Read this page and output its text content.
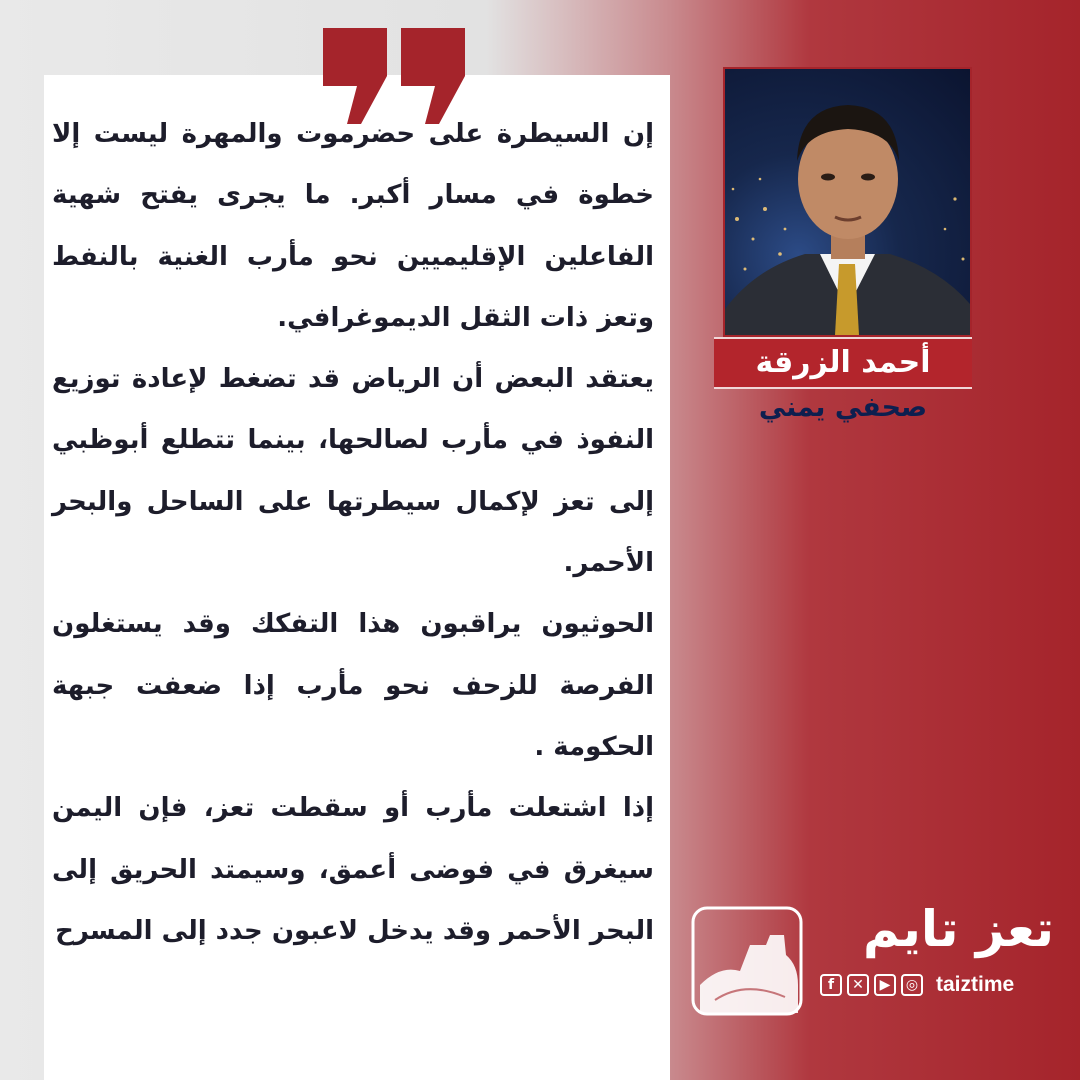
إن السيطرة على حضرموت والمهرة ليست إلا خطوة في مسار أكبر. ما يجرى يفتح شهية الفاعلين الإقليميين نحو مأرب الغنية بالنفط وتعز ذات الثقل الديموغرافي.

يعتقد البعض أن الرياض قد تضغط لإعادة توزيع النفوذ في مأرب لصالحها، بينما تتطلع أبوظبي إلى تعز لإكمال سيطرتها على الساحل والبحر الأحمر.

الحوثيون يراقبون هذا التفكك وقد يستغلون الفرصة للزحف نحو مأرب إذا ضعفت جبهة الحكومة .

إذا اشتعلت مأرب أو سقطت تعز، فإن اليمن سيغرق في فوضى أعمق، وسيمتد الحريق إلى البحر الأحمر وقد يدخل لاعبون جدد إلى المسرح

أحمد الزرقة
صحفي يمني
تعز تايم
f	✕	▶	◎ taiztime
